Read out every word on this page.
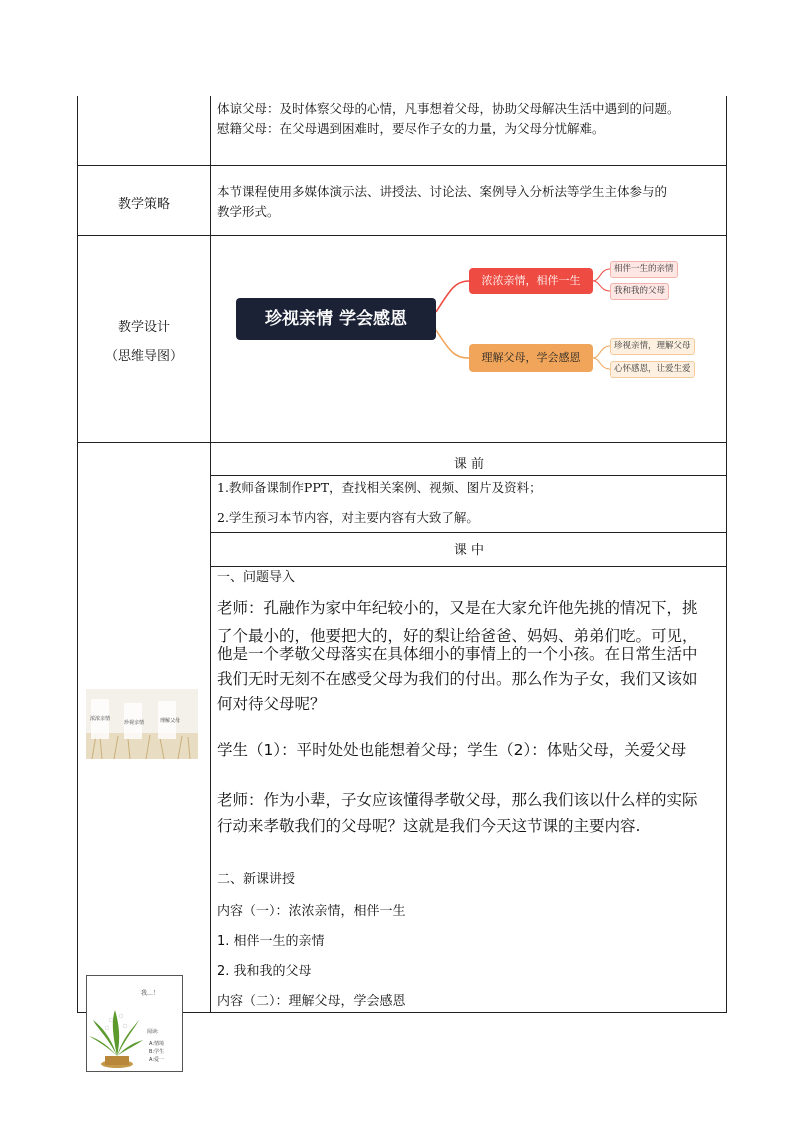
体谅父母：及时体察父母的心情，凡事想着父母，协助父母解决生活中遇到的问题。
慰籍父母：在父母遇到困难时，要尽作子女的力量，为父母分忧解难。
教学策略
本节课程使用多媒体演示法、讲授法、讨论法、案例导入分析法等学生主体参与的
教学形式。
教学设计
（思维导图）
珍视亲情 学会感恩
浓浓亲情，相伴一生
理解父母，学会感恩
相伴一生的亲情
我和我的父母
珍视亲情，理解父母
心怀感恩，让爱生爱
课 前
1.教师备课制作PPT，查找相关案例、视频、图片及资料；
2.学生预习本节内容，对主要内容有大致了解。
课 中
一、问题导入
老师：孔融作为家中年纪较小的，又是在大家允许他先挑的情况下，挑
了个最小的，他要把大的，好的梨让给爸爸、妈妈、弟弟们吃。可见，
他是一个孝敬父母落实在具体细小的事情上的一个小孩。在日常生活中
我们无时无刻不在感受父母为我们的付出。那么作为子女，我们又该如
何对待父母呢？
学生（1）：平时处处也能想着父母；学生（2）：体贴父母，关爱父母
老师：作为小辈，子女应该懂得孝敬父母，那么我们该以什么样的实际
行动来孝敬我们的父母呢？这就是我们今天这节课的主要内容.
二、新课讲授
内容（一）：浓浓亲情，相伴一生
1. 相伴一生的亲情
2. 我和我的父母
内容（二）：理解父母，学会感恩
浓浓亲情
珍视亲情	理解父母
我…！
阅读:
A:情境
B:学生
A:爱一
